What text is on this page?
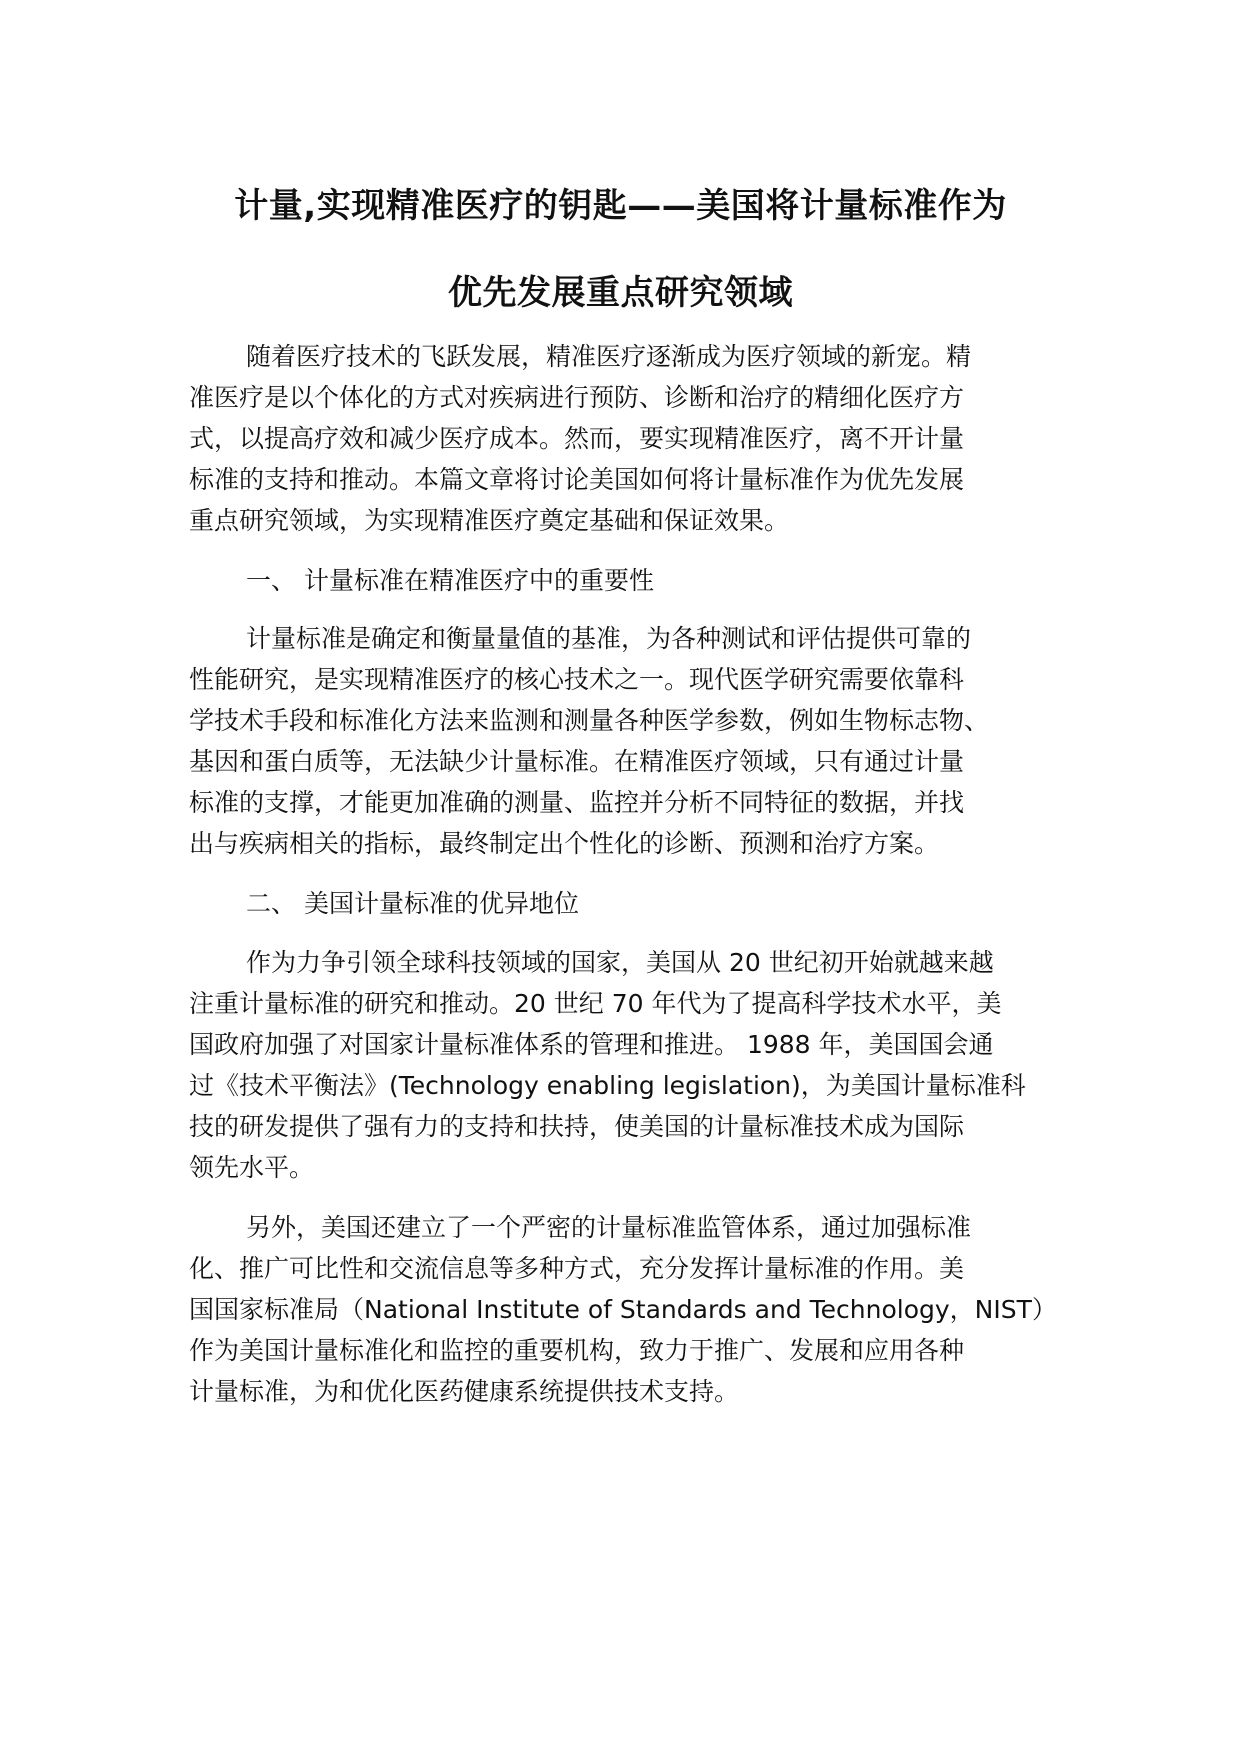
计量,实现精准医疗的钥匙——美国将计量标准作为
优先发展重点研究领域
随着医疗技术的飞跃发展，精准医疗逐渐成为医疗领域的新宠。精
准医疗是以个体化的方式对疾病进行预防、诊断和治疗的精细化医疗方
式，以提高疗效和减少医疗成本。然而，要实现精准医疗，离不开计量
标准的支持和推动。本篇文章将讨论美国如何将计量标准作为优先发展
重点研究领域，为实现精准医疗奠定基础和保证效果。
一、 计量标准在精准医疗中的重要性
计量标准是确定和衡量量值的基准，为各种测试和评估提供可靠的
性能研究，是实现精准医疗的核心技术之一。现代医学研究需要依靠科
学技术手段和标准化方法来监测和测量各种医学参数，例如生物标志物、
基因和蛋白质等，无法缺少计量标准。在精准医疗领域，只有通过计量
标准的支撑，才能更加准确的测量、监控并分析不同特征的数据，并找
出与疾病相关的指标，最终制定出个性化的诊断、预测和治疗方案。
二、 美国计量标准的优异地位
作为力争引领全球科技领域的国家，美国从 20 世纪初开始就越来越
注重计量标准的研究和推动。20 世纪 70 年代为了提高科学技术水平，美
国政府加强了对国家计量标准体系的管理和推进。 1988 年，美国国会通
过《技术平衡法》(Technology enabling legislation)，为美国计量标准科
技的研发提供了强有力的支持和扶持，使美国的计量标准技术成为国际
领先水平。
另外，美国还建立了一个严密的计量标准监管体系，通过加强标准
化、推广可比性和交流信息等多种方式，充分发挥计量标准的作用。美
国国家标准局（National Institute of Standards and Technology，NIST）
作为美国计量标准化和监控的重要机构，致力于推广、发展和应用各种
计量标准，为和优化医药健康系统提供技术支持。
